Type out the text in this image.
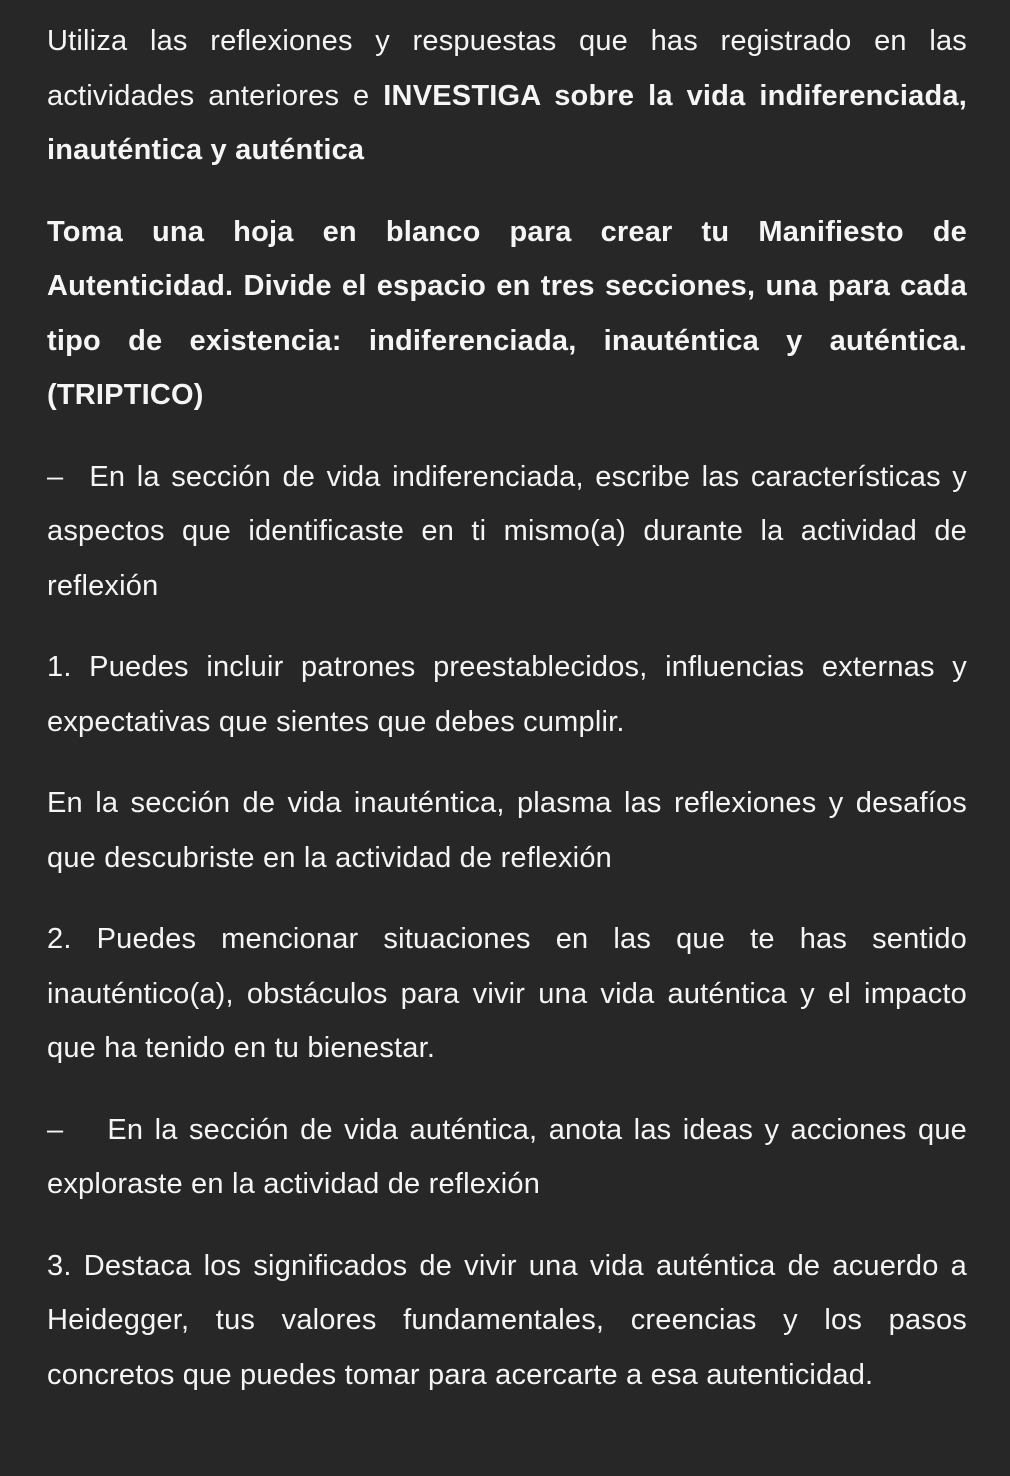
Utiliza las reflexiones y respuestas que has registrado en las actividades anteriores e INVESTIGA sobre la vida indiferenciada, inauténtica y auténtica

Toma una hoja en blanco para crear tu Manifiesto de Autenticidad. Divide el espacio en tres secciones, una para cada tipo de existencia: indiferenciada, inauténtica y auténtica. (TRIPTICO)

– En la sección de vida indiferenciada, escribe las características y aspectos que identificaste en ti mismo(a) durante la actividad de reflexión

1. Puedes incluir patrones preestablecidos, influencias externas y expectativas que sientes que debes cumplir.

En la sección de vida inauténtica, plasma las reflexiones y desafíos que descubriste en la actividad de reflexión

2. Puedes mencionar situaciones en las que te has sentido inauténtico(a), obstáculos para vivir una vida auténtica y el impacto que ha tenido en tu bienestar.

– En la sección de vida auténtica, anota las ideas y acciones que exploraste en la actividad de reflexión

3. Destaca los significados de vivir una vida auténtica de acuerdo a Heidegger, tus valores fundamentales, creencias y los pasos concretos que puedes tomar para acercarte a esa autenticidad.
